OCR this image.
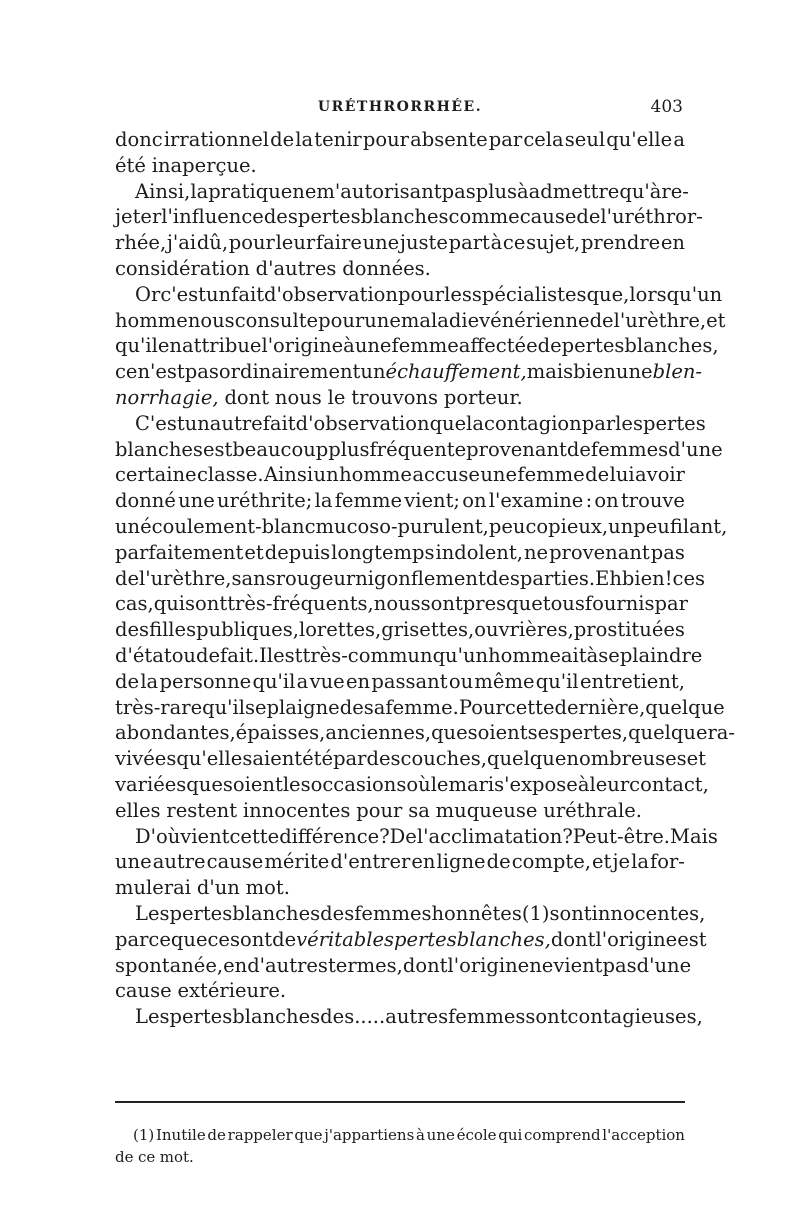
URÉTHRORRHÉE.	403
donc irrationnel de la tenir pour absente par cela seul qu'elle a
été inaperçue.
Ainsi, la pratique ne m'autorisant pas plus à admettre qu'à re-
jeter l'influence des pertes blanches comme cause de l'uréthror-
rhée, j'ai dû, pour leur faire une juste part à ce sujet, prendre en
considération d'autres données.
Or c'est un fait d'observation pour les spécialistes que, lorsqu'un
homme nous consulte pour une maladie vénérienne de l'urèthre, et
qu'il en attribue l'origine à une femme affectée de pertes blanches,
ce n'est pas ordinairement un échauffement, mais bien une blen-
norrhagie, dont nous le trouvons porteur.
C'est un autre fait d'observation que la contagion par les pertes
blanches est beaucoup plus fréquente provenant de femmes d'une
certaine classe. Ainsi un homme accuse une femme de lui avoir
donné une uréthrite; la femme vient; on l'examine : on trouve
un écoulement-blanc mucoso-purulent, peu copieux, un peu filant,
parfaitement et depuis longtemps indolent, ne provenant pas
de l'urèthre, sans rougeur ni gonflement des parties. Eh bien! ces
cas, qui sont très-fréquents, nous sont presque tous fournis par
des filles publiques, lorettes, grisettes, ouvrières, prostituées
d'état ou de fait. Il est très-commun qu'un homme ait à se plaindre
de la personne qu'il a vue en passant ou même qu'il entretient,
très-rare qu'il se plaigne de sa femme. Pour cette dernière, quelque
abondantes, épaisses, anciennes, que soient ses pertes, quelque ra-
vivées qu'elles aient été par des couches, quelque nombreuses et
variées que soient les occasions où le mari s'expose à leur contact,
elles restent innocentes pour sa muqueuse uréthrale.
D'où vient cette différence ? De l'acclimatation? Peut-être. Mais
une autre cause mérite d'entrer en ligne de compte, et je la for-
mulerai d'un mot.
Les pertes blanches des femmes honnêtes (1) sont innocentes,
parce que ce sont de véritables pertes blanches, dont l'origine est
spontanée, en d'autres termes, dont l'origine ne vient pas d'une
cause extérieure.
Les pertes blanches des..... autres femmes sont contagieuses,
(1) Inutile de rappeler que j'appartiens à une école qui comprend l'acception
de ce mot.
